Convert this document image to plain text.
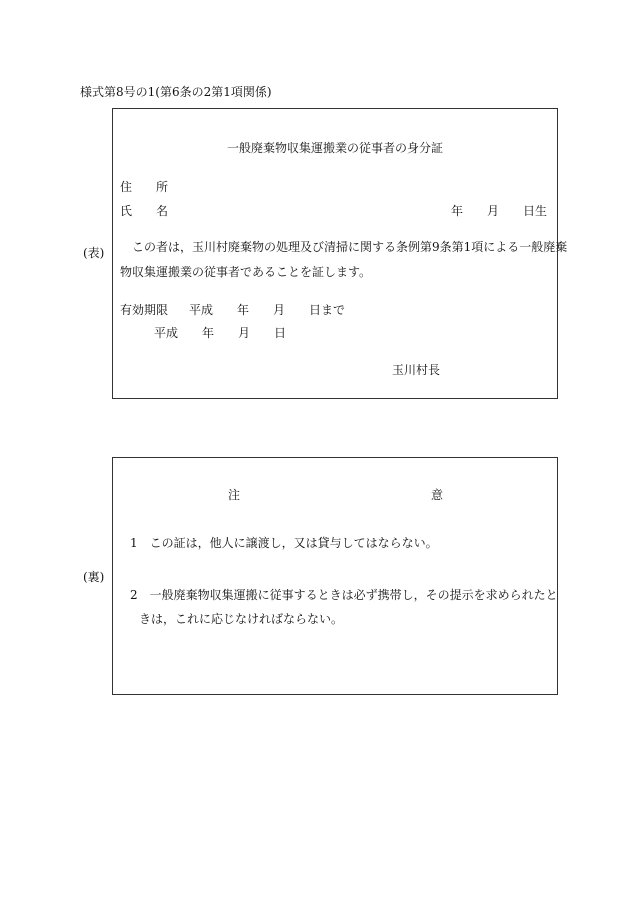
様式第8号の1(第6条の2第1項関係)
(表)
一般廃棄物収集運搬業の従事者の身分証
住　　所
氏　　名	年　　月　　日生
この者は，玉川村廃棄物の処理及び清掃に関する条例第9条第1項による一般廃棄
物収集運搬業の従事者であることを証します。
有効期限 平成　　年　　月　　日まで
平成　　年　　月　　日
玉川村長
(裏)
注	意
1　この証は，他人に譲渡し，又は貸与してはならない。
2　一般廃棄物収集運搬に従事するときは必ず携帯し，その提示を求められたと
きは，これに応じなければならない。
